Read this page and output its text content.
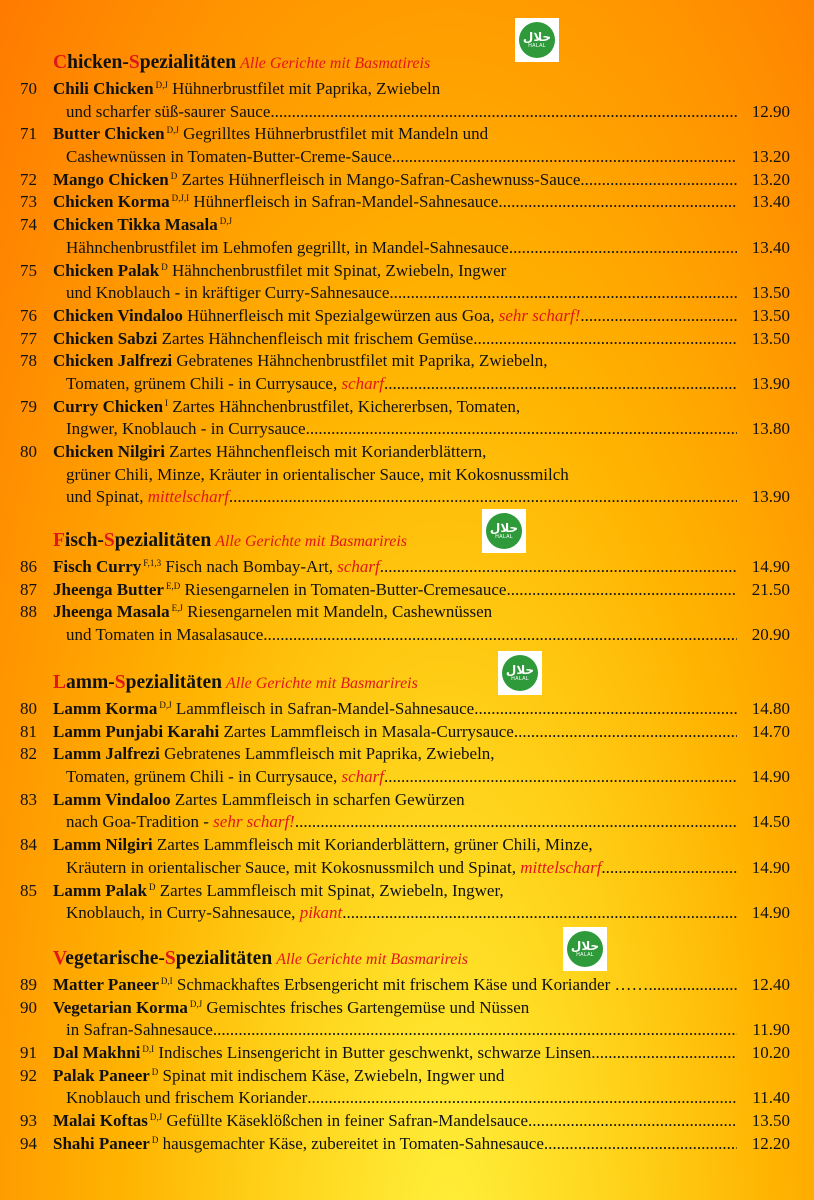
حلال
HALAL
حلال
HALAL
حلال
HALAL
حلال
HALAL
Chicken-Spezialitäten Alle Gerichte mit Basmatireis
70 Chili Chicken $^{D,J}$ Hühnerbrustfilet mit Paprika, Zwiebeln
und scharfer süß-saurer Sauce .....	12.90
71 Butter Chicken $^{D,J}$ Gegrilltes Hühnerbrustfilet mit Mandeln und
Cashewnüssen in Tomaten-Butter-Creme-Sauce .....	13.20
72 Mango Chicken $^D$ Zartes Hühnerfleisch in Mango-Safran-Cashewnuss-Sauce .....	13.20
73 Chicken Korma $^{D,J,I}$ Hühnerfleisch in Safran-Mandel-Sahnesauce .....	13.40
74 Chicken Tikka Masala $^{D,J}$
Hähnchenbrustfilet im Lehmofen gegrillt, in Mandel-Sahnesauce .....	13.40
75 Chicken Palak $^D$ Hähnchenbrustfilet mit Spinat, Zwiebeln, Ingwer
und Knoblauch - in kräftiger Curry-Sahnesauce .....	13.50
76 Chicken Vindaloo Hühnerfleisch mit Spezialgewürzen aus Goa, sehr scharf! .....	13.50
77 Chicken Sabzi Zartes Hähnchenfleisch mit frischem Gemüse .....	13.50
78 Chicken Jalfrezi Gebratenes Hähnchenbrustfilet mit Paprika, Zwiebeln,
Tomaten, grünem Chili - in Currysauce, scharf .....	13.90
79 Curry Chicken $^I$ Zartes Hähnchenbrustfilet, Kichererbsen, Tomaten,
Ingwer, Knoblauch - in Currysauce .....	13.80
80 Chicken Nilgiri Zartes Hähnchenfleisch mit Korianderblättern,
grüner Chili, Minze, Kräuter in orientalischer Sauce, mit Kokosnussmilch
und Spinat, mittelscharf .....	13.90
Fisch-Spezialitäten Alle Gerichte mit Basmarireis
86 Fisch Curry $^{F,1,3}$ Fisch nach Bombay-Art, scharf .....	14.90
87 Jheenga Butter $^{E,D}$ Riesengarnelen in Tomaten-Butter-Cremesauce .....	21.50
88 Jheenga Masala $^{E,J}$ Riesengarnelen mit Mandeln, Cashewnüssen
und Tomaten in Masalasauce .....	20.90
Lamm-Spezialitäten Alle Gerichte mit Basmarireis
80 Lamm Korma $^{D,J}$ Lammfleisch in Safran-Mandel-Sahnesauce .....	14.80
81 Lamm Punjabi Karahi Zartes Lammfleisch in Masala-Currysauce .....	14.70
82 Lamm Jalfrezi Gebratenes Lammfleisch mit Paprika, Zwiebeln,
Tomaten, grünem Chili - in Currysauce, scharf .....	14.90
83 Lamm Vindaloo Zartes Lammfleisch in scharfen Gewürzen
nach Goa-Tradition - sehr scharf! .....	14.50
84 Lamm Nilgiri Zartes Lammfleisch mit Korianderblättern, grüner Chili, Minze,
Kräutern in orientalischer Sauce, mit Kokosnussmilch und Spinat, mittelscharf .....	14.90
85 Lamm Palak $^D$ Zartes Lammfleisch mit Spinat, Zwiebeln, Ingwer,
Knoblauch, in Curry-Sahnesauce, pikant .....	14.90
Vegetarische-Spezialitäten Alle Gerichte mit Basmarireis
89 Matter Paneer $^{D,I}$ Schmackhaftes Erbsengericht mit frischem Käse und Koriander …… .....	12.40
90 Vegetarian Korma $^{D,J}$ Gemischtes frisches Gartengemüse und Nüssen
in Safran-Sahnesauce .....	11.90
91 Dal Makhni $^{D,I}$ Indisches Linsengericht in Butter geschwenkt, schwarze Linsen .....	10.20
92 Palak Paneer $^D$ Spinat mit indischem Käse, Zwiebeln, Ingwer und
Knoblauch und frischem Koriander .....	11.40
93 Malai Koftas $^{D,J}$ Gefüllte Käseklößchen in feiner Safran-Mandelsauce .....	13.50
94 Shahi Paneer $^D$ hausgemachter Käse, zubereitet in Tomaten-Sahnesauce .....	12.20
